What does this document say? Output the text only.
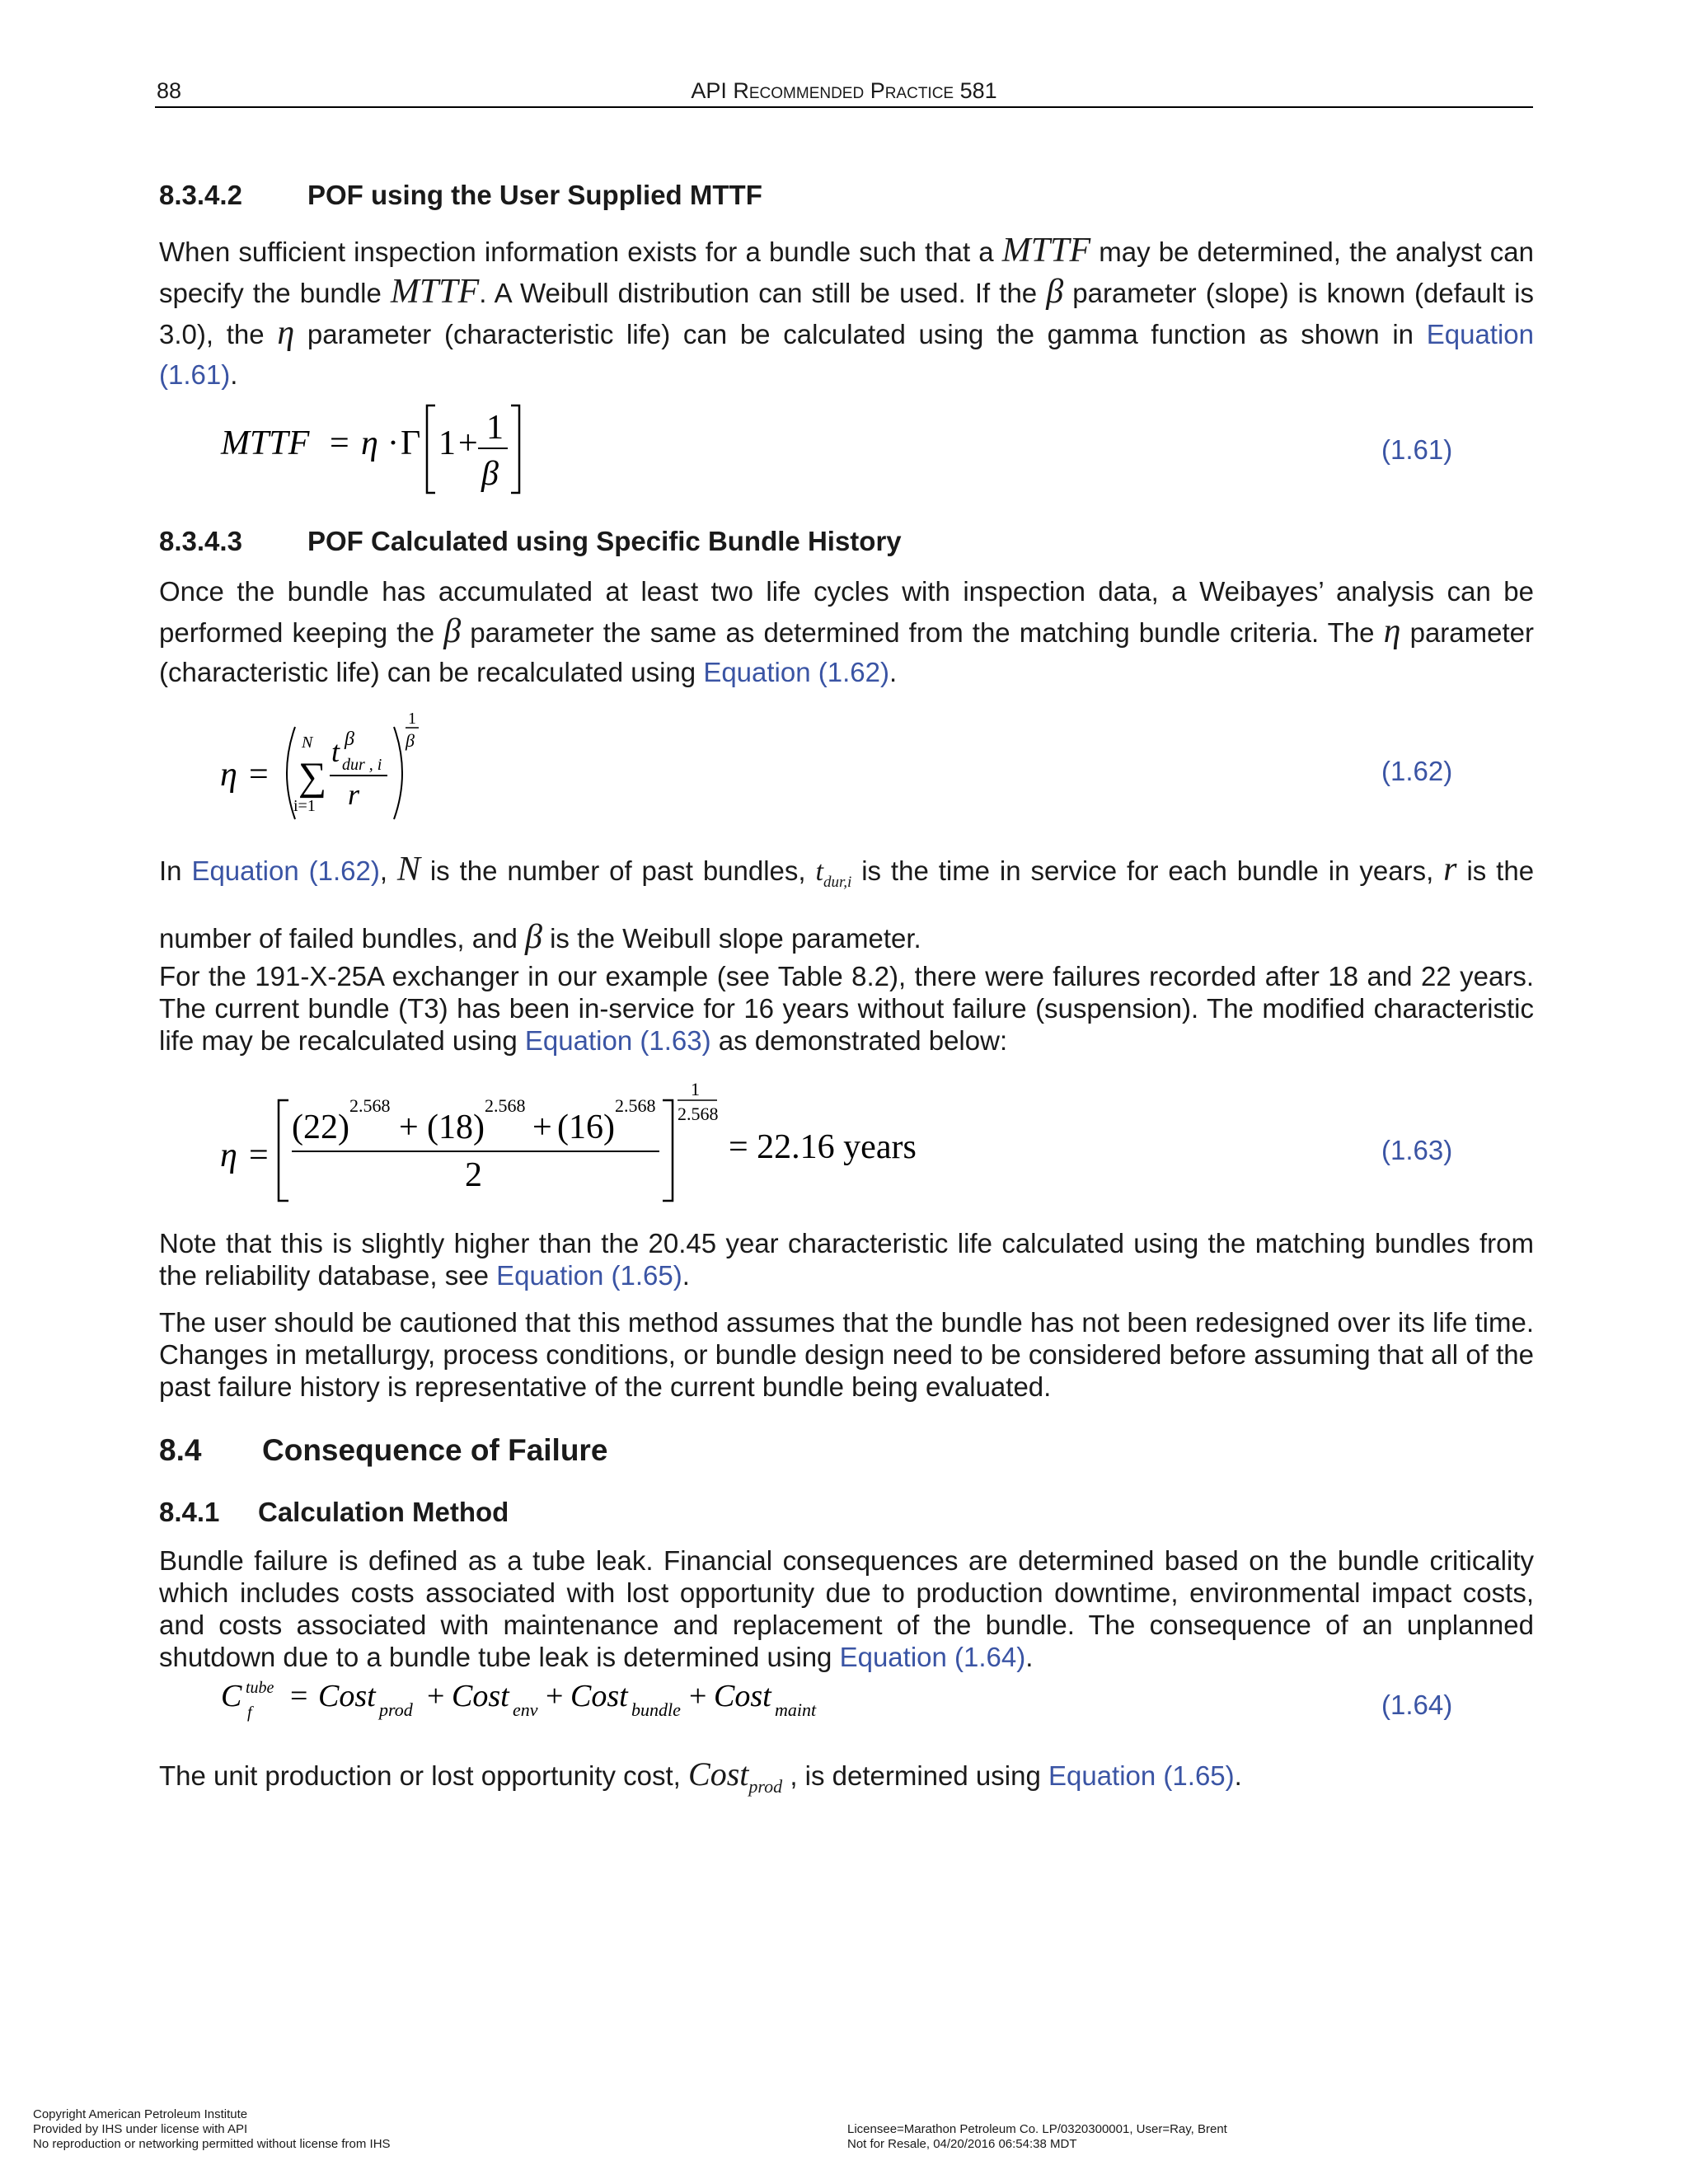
88	API Recommended Practice 581
8.3.4.2 POF using the User Supplied MTTF
When sufficient inspection information exists for a bundle such that a MTTF may be determined, the analyst can specify the bundle MTTF. A Weibull distribution can still be used. If the β parameter (slope) is known (default is 3.0), the η parameter (characteristic life) can be calculated using the gamma function as shown in Equation (1.61).
MTTF = η · Γ 1 + 1
β
(1.61)
8.3.4.3 POF Calculated using Specific Bundle History
Once the bundle has accumulated at least two life cycles with inspection data, a Weibayes’ analysis can be performed keeping the β parameter the same as determined from the matching bundle criteria. The η parameter (characteristic life) can be recalculated using Equation (1.62).
η = ∑
N
i=1
t β
dur , i
r
1
β
(1.62)
In Equation (1.62), N is the number of past bundles, $t_{dur,i}$ is the time in service for each bundle in years, r is the number of failed bundles, and β is the Weibull slope parameter.
For the 191-X-25A exchanger in our example (see Table 8.2), there were failures recorded after 18 and 22 years. The current bundle (T3) has been in-service for 16 years without failure (suspension). The modified characteristic life may be recalculated using Equation (1.63) as demonstrated below:
η =
(22)
2.568
+ (18)
2.568
+ (16)
2.568
2
1
2.568
= 22.16 years	(1.63)
Note that this is slightly higher than the 20.45 year characteristic life calculated using the matching bundles from the reliability database, see Equation (1.65).
The user should be cautioned that this method assumes that the bundle has not been redesigned over its life time. Changes in metallurgy, process conditions, or bundle design need to be considered before assuming that all of the past failure history is representative of the current bundle being evaluated.
8.4 Consequence of Failure
8.4.1 Calculation Method
Bundle failure is defined as a tube leak. Financial consequences are determined based on the bundle criticality which includes costs associated with lost opportunity due to production downtime, environmental impact costs, and costs associated with maintenance and replacement of the bundle. The consequence of an unplanned shutdown due to a bundle tube leak is determined using Equation (1.64).
C tube
f = Cost prod + Cost env + Cost bundle + Cost maint	(1.64)
The unit production or lost opportunity cost, Cost$_{prod}$ , is determined using Equation (1.65).
Copyright American Petroleum Institute
Provided by IHS under license with API
No reproduction or networking permitted without license from IHS
Licensee=Marathon Petroleum Co. LP/0320300001, User=Ray, Brent
Not for Resale, 04/20/2016 06:54:38 MDT
